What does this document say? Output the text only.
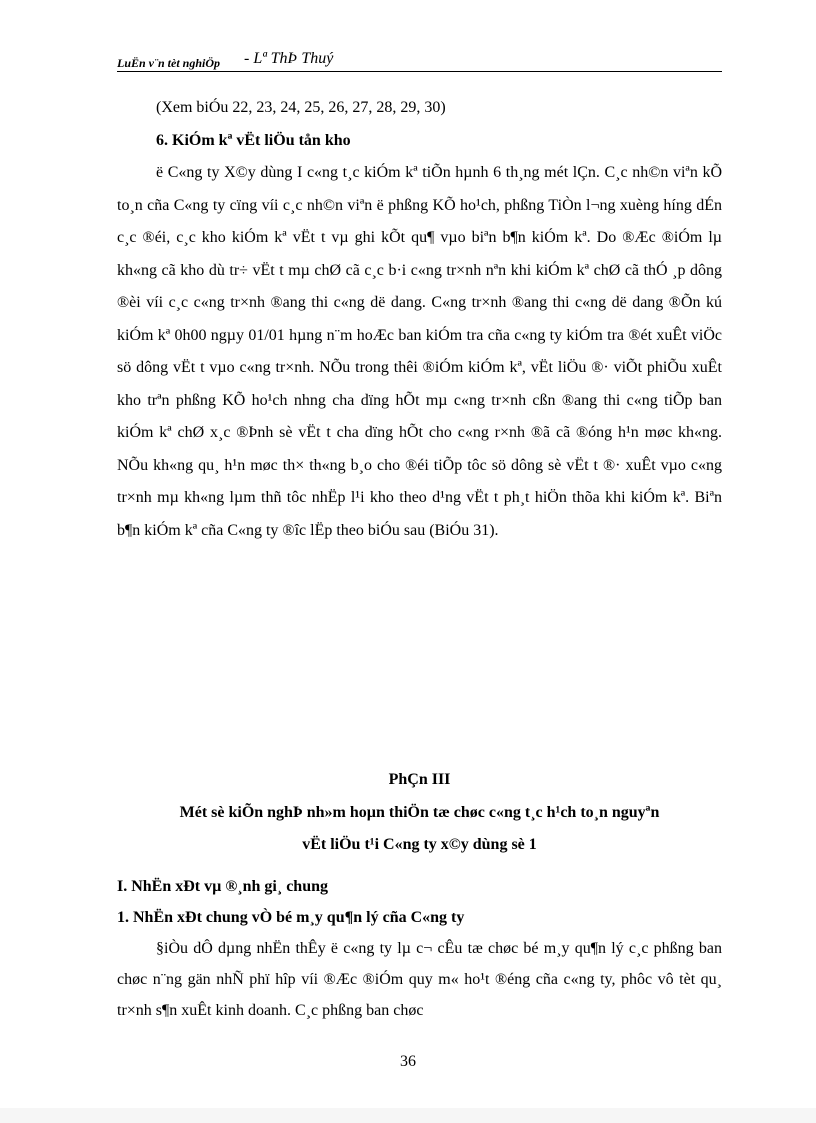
LuËn v¨n tèt nghiÖp - Lª ThÞ Thuý

(Xem biÓu 22, 23, 24, 25, 26, 27, 28, 29, 30)

6. KiÓm kª vËt liÖu tån kho

ë C«ng ty X©y dùng I c«ng t¸c kiÓm kª tiÕn hµnh 6 th¸ng mét lÇn. C¸c nh©n viªn kÕ to¸n cña C«ng ty cïng víi c¸c nh©n viªn ë phßng KÕ ho¹ch, phßng TiÒn l¬ng xuèng híng dÉn c¸c ®éi, c¸c kho kiÓm kª vËt t vµ ghi kÕt qu¶ vµo biªn b¶n kiÓm kª. Do ®Æc ®iÓm lµ kh«ng cã kho dù tr÷ vËt t mµ chØ cã c¸c b·i c«ng tr×nh nªn khi kiÓm kª chØ cã thÓ ¸p dông ®èi víi c¸c c«ng tr×nh ®ang thi c«ng dë dang. C«ng tr×nh ®ang thi c«ng dë dang ®Õn kú kiÓm kª 0h00 ngµy 01/01 hµng n¨m hoÆc ban kiÓm tra cña c«ng ty kiÓm tra ®ét xuÊt viÖc sö dông vËt t vµo c«ng tr×nh. NÕu trong thêi ®iÓm kiÓm kª, vËt liÖu ®· viÕt phiÕu xuÊt kho trªn phßng KÕ ho¹ch nhng cha dïng hÕt mµ c«ng tr×nh cßn ®ang thi c«ng tiÕp ban kiÓm kª chØ x¸c ®Þnh sè vËt t cha dïng hÕt cho c«ng r×nh ®ã cã ®óng h¹n møc kh«ng. NÕu kh«ng qu¸ h¹n møc th× th«ng b¸o cho ®éi tiÕp tôc sö dông sè vËt t ®· xuÊt vµo c«ng tr×nh mµ kh«ng lµm thñ tôc nhËp l¹i kho theo d¹ng vËt t ph¸t hiÖn thõa khi kiÓm kª. Biªn b¶n kiÓm kª cña C«ng ty ®îc lËp theo biÓu sau (BiÓu 31).

PhÇn III

Mét sè kiÕn nghÞ nh»m hoµn thiÖn tæ chøc c«ng t¸c h¹ch to¸n nguyªn

vËt liÖu t¹i C«ng ty x©y dùng sè 1

I. NhËn xÐt vµ ®¸nh gi¸ chung

1. NhËn xÐt chung vÒ bé m¸y qu¶n lý cña C«ng ty

§iÒu dÔ dµng nhËn thÊy ë c«ng ty lµ c¬ cÊu tæ chøc bé m¸y qu¶n lý c¸c phßng ban chøc n¨ng gän nhÑ phï hîp víi ®Æc ®iÓm quy m« ho¹t ®éng cña c«ng ty, phôc vô tèt qu¸ tr×nh s¶n xuÊt kinh doanh. C¸c phßng ban chøc

36
